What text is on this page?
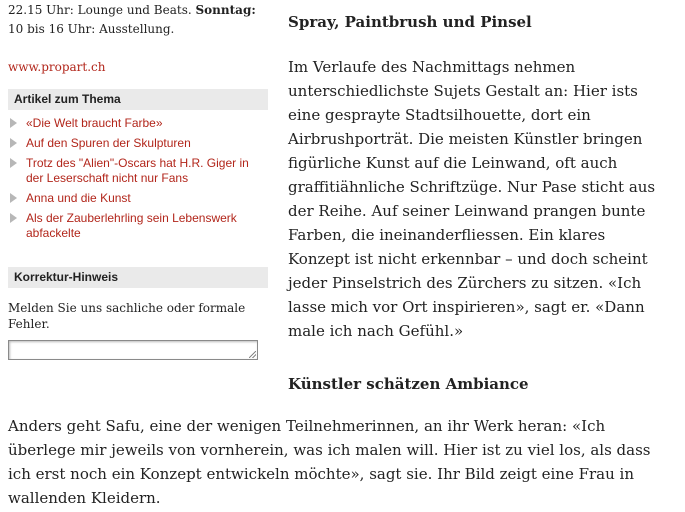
22.15 Uhr: Lounge und Beats. Sonntag: 10 bis 16 Uhr: Ausstellung.

www.propart.ch
Artikel zum Thema
«Die Welt braucht Farbe»
Auf den Spuren der Skulpturen
Trotz des "Alien"-Oscars hat H.R. Giger in der Leserschaft nicht nur Fans
Anna und die Kunst
Als der Zauberlehrling sein Lebenswerk abfackelte
Korrektur-Hinweis

Melden Sie uns sachliche oder formale Fehler.

Spray, Paintbrush und Pinsel

Im Verlaufe des Nachmittags nehmen unterschiedlichste Sujets Gestalt an: Hier ists eine gesprayte Stadtsilhouette, dort ein Airbrushporträt. Die meisten Künstler bringen figürliche Kunst auf die Leinwand, oft auch graffitiähnliche Schriftzüge. Nur Pase sticht aus der Reihe. Auf seiner Leinwand prangen bunte Farben, die ineinanderfliessen. Ein klares Konzept ist nicht erkennbar – und doch scheint jeder Pinselstrich des Zürchers zu sitzen. «Ich lasse mich vor Ort inspirieren», sagt er. «Dann male ich nach Gefühl.»

Künstler schätzen Ambiance

Anders geht Safu, eine der wenigen Teilnehmerinnen, an ihr Werk heran: «Ich überlege mir jeweils von vornherein, was ich malen will. Hier ist zu viel los, als dass ich erst noch ein Konzept entwickeln möchte», sagt sie. Ihr Bild zeigt eine Frau in wallenden Kleidern.
